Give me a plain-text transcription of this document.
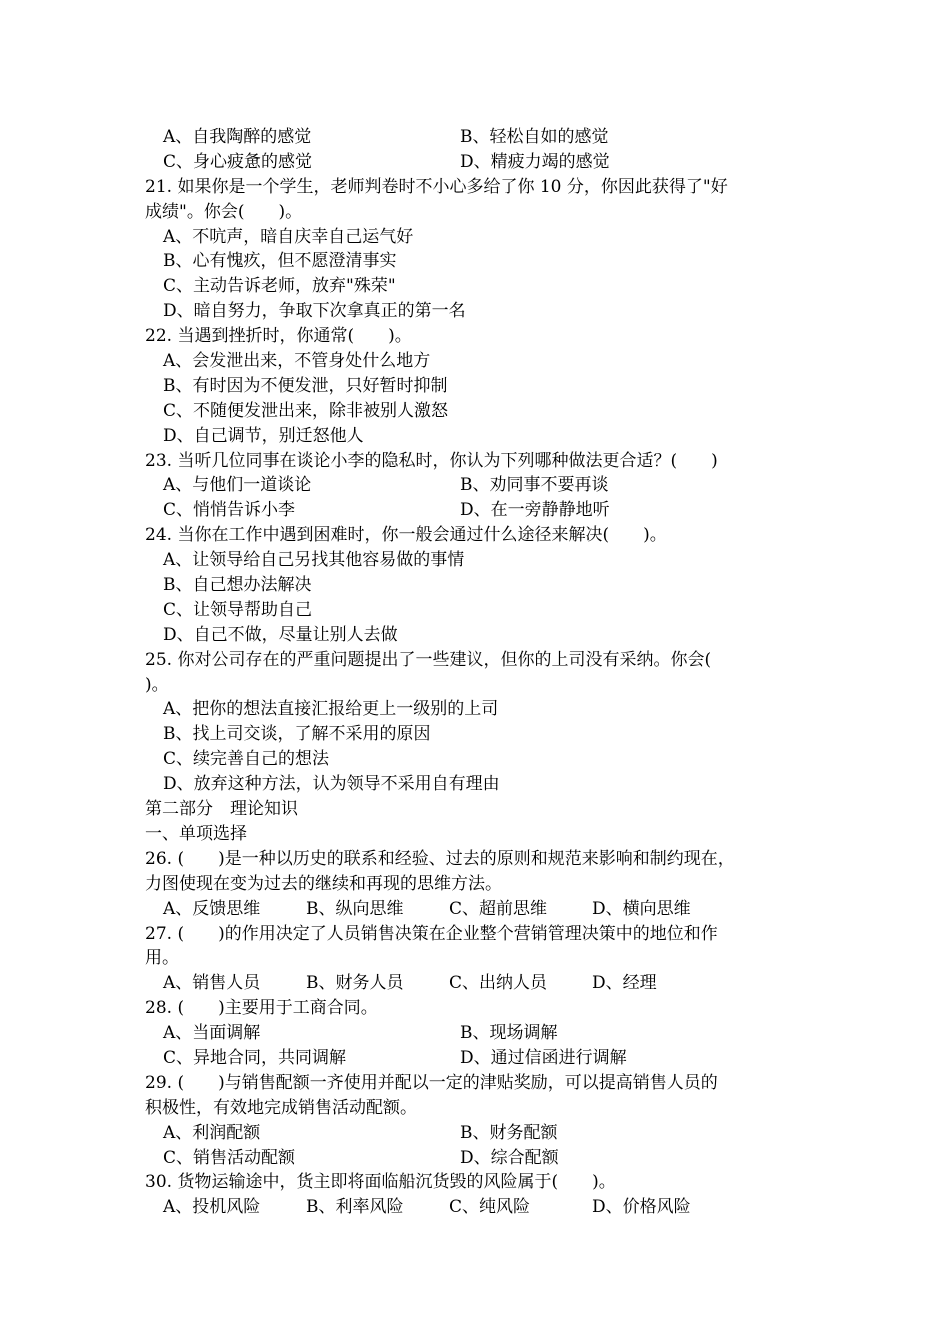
A、自我陶醉的感觉	B、轻松自如的感觉
C、身心疲惫的感觉	D、精疲力竭的感觉
21. 如果你是一个学生，老师判卷时不小心多给了你 10 分，你因此获得了"好
成绩"。你会(　　)。
A、不吭声，暗自庆幸自己运气好
B、心有愧疚，但不愿澄清事实
C、主动告诉老师，放弃"殊荣"
D、暗自努力，争取下次拿真正的第一名
22. 当遇到挫折时，你通常(　　)。
A、会发泄出来，不管身处什么地方
B、有时因为不便发泄，只好暂时抑制
C、不随便发泄出来，除非被别人激怒
D、自己调节，别迁怒他人
23. 当听几位同事在谈论小李的隐私时，你认为下列哪种做法更合适？(　　)
A、与他们一道谈论	B、劝同事不要再谈
C、悄悄告诉小李	D、在一旁静静地听
24. 当你在工作中遇到困难时，你一般会通过什么途径来解决(　　)。
A、让领导给自己另找其他容易做的事情
B、自己想办法解决
C、让领导帮助自己
D、自己不做，尽量让别人去做
25. 你对公司存在的严重问题提出了一些建议，但你的上司没有采纳。你会(
)。
A、把你的想法直接汇报给更上一级别的上司
B、找上司交谈，了解不采用的原因
C、续完善自己的想法
D、放弃这种方法，认为领导不采用自有理由
第二部分　理论知识
一、单项选择
26. (　　)是一种以历史的联系和经验、过去的原则和规范来影响和制约现在，
力图使现在变为过去的继续和再现的思维方法。
A、反馈思维	B、纵向思维	C、超前思维	D、横向思维
27. (　　)的作用决定了人员销售决策在企业整个营销管理决策中的地位和作
用。
A、销售人员	B、财务人员	C、出纳人员	D、经理
28. (　　)主要用于工商合同。
A、当面调解	B、现场调解
C、异地合同，共同调解	D、通过信函进行调解
29. (　　)与销售配额一齐使用并配以一定的津贴奖励，可以提高销售人员的
积极性，有效地完成销售活动配额。
A、利润配额	B、财务配额
C、销售活动配额	D、综合配额
30. 货物运输途中，货主即将面临船沉货毁的风险属于(　　)。
A、投机风险	B、利率风险	C、纯风险	D、价格风险
